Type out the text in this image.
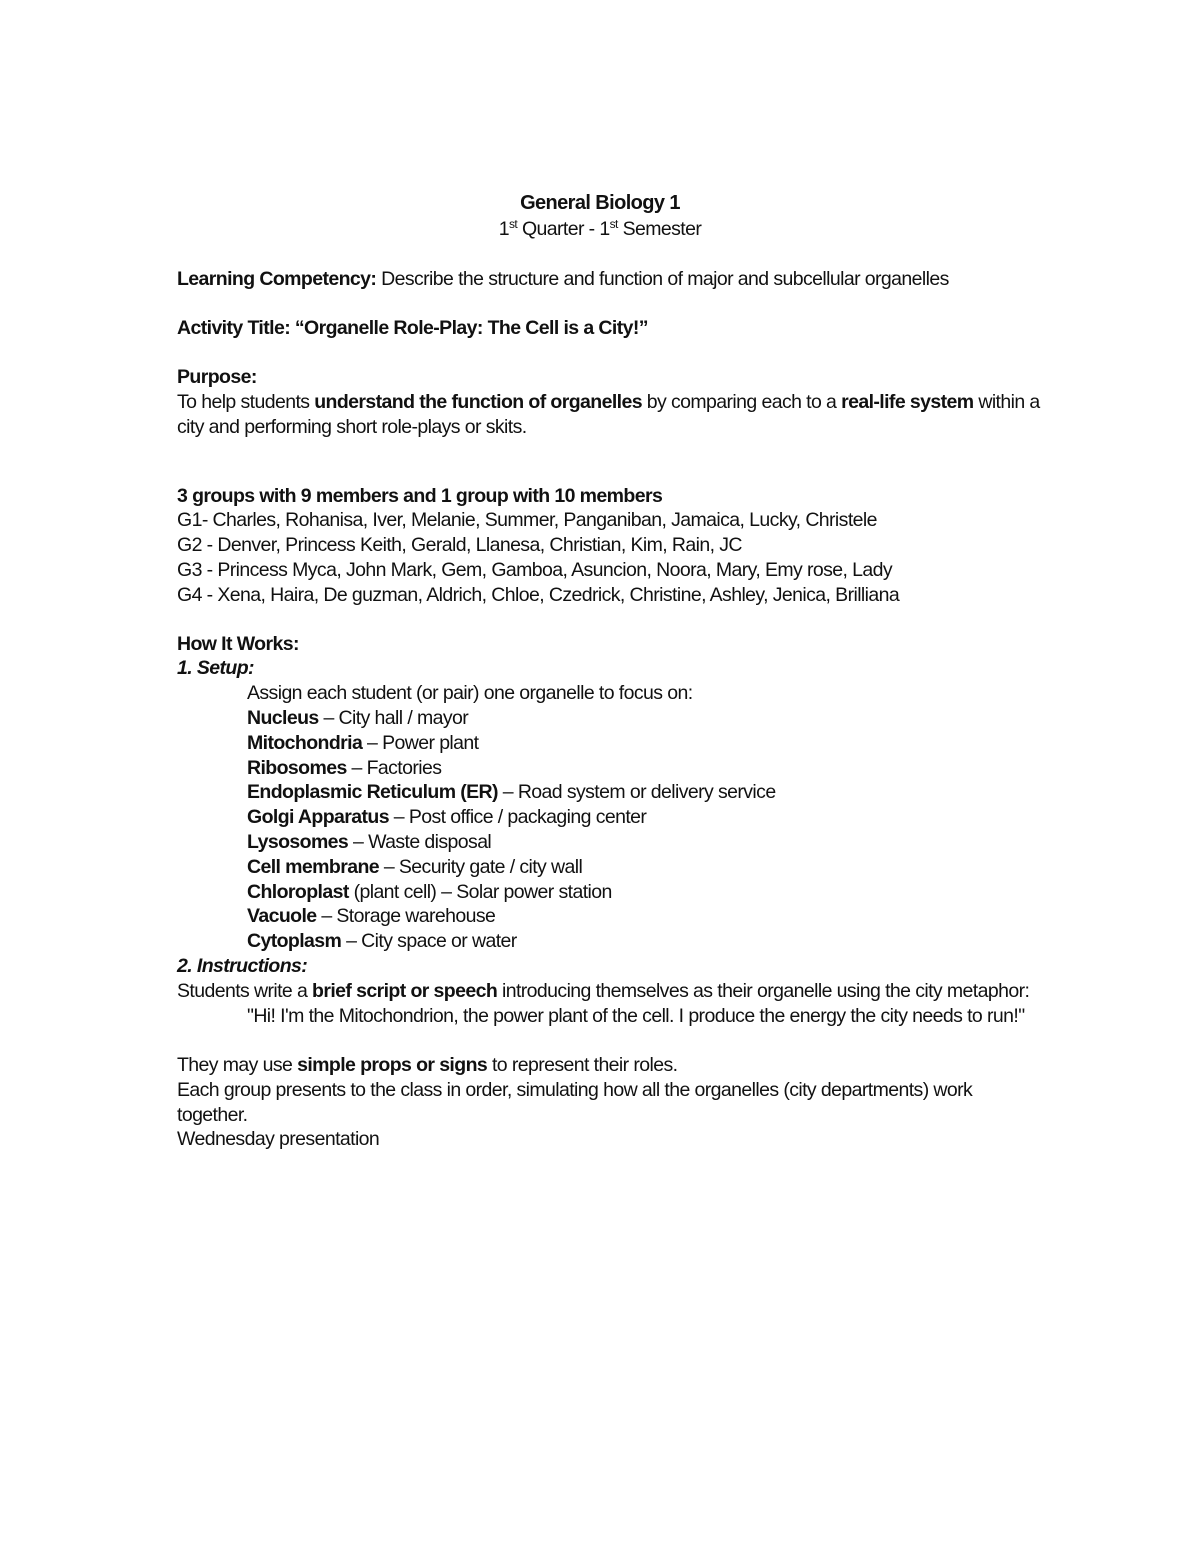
General Biology 1
1st Quarter - 1st Semester
Learning Competency: Describe the structure and function of major and subcellular organelles
Activity Title: “Organelle Role-Play: The Cell is a City!”
Purpose:
To help students understand the function of organelles by comparing each to a real-life system within a
city and performing short role-plays or skits.
3 groups with 9 members and 1 group with 10 members
G1- Charles, Rohanisa, Iver, Melanie, Summer, Panganiban, Jamaica, Lucky, Christele
G2 - Denver, Princess Keith, Gerald, Llanesa, Christian, Kim, Rain, JC
G3 - Princess Myca, John Mark, Gem, Gamboa, Asuncion, Noora, Mary, Emy rose, Lady
G4 - Xena, Haira, De guzman, Aldrich, Chloe, Czedrick, Christine, Ashley, Jenica, Brilliana
How It Works:
1. Setup:
Assign each student (or pair) one organelle to focus on:
Nucleus – City hall / mayor
Mitochondria – Power plant
Ribosomes – Factories
Endoplasmic Reticulum (ER) – Road system or delivery service
Golgi Apparatus – Post office / packaging center
Lysosomes – Waste disposal
Cell membrane – Security gate / city wall
Chloroplast (plant cell) – Solar power station
Vacuole – Storage warehouse
Cytoplasm – City space or water
2. Instructions:
Students write a brief script or speech introducing themselves as their organelle using the city metaphor:
"Hi! I'm the Mitochondrion, the power plant of the cell. I produce the energy the city needs to run!"
They may use simple props or signs to represent their roles.
Each group presents to the class in order, simulating how all the organelles (city departments) work
together.
Wednesday presentation
